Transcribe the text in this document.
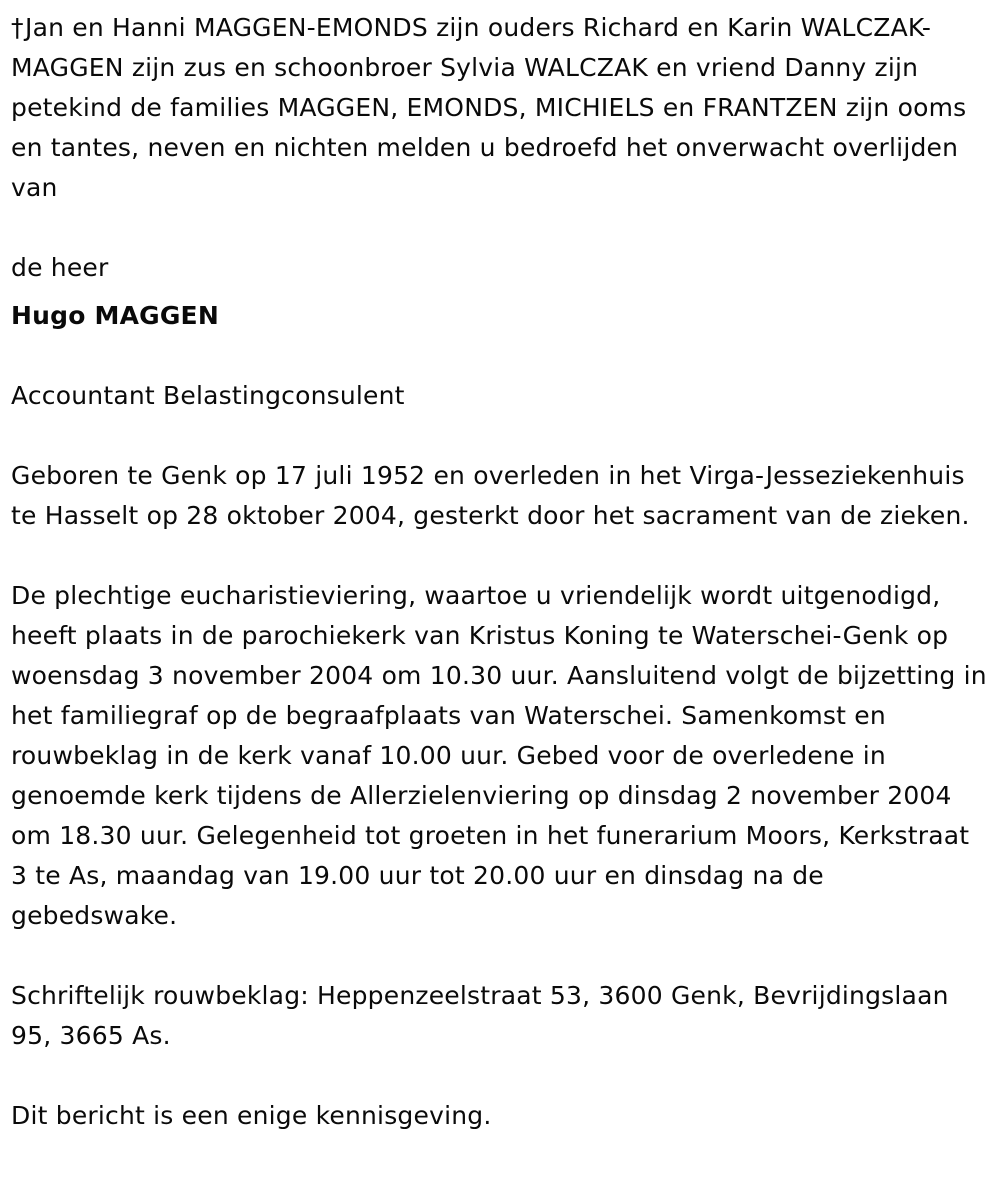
†Jan en Hanni MAGGEN-EMONDS zijn ouders Richard en Karin WALCZAK-MAGGEN zijn zus en schoonbroer Sylvia WALCZAK en vriend Danny zijn petekind de families MAGGEN, EMONDS, MICHIELS en FRANTZEN zijn ooms en tantes, neven en nichten melden u bedroefd het onverwacht overlijden van

de heer
Hugo MAGGEN

Accountant Belastingconsulent

Geboren te Genk op 17 juli 1952 en overleden in het Virga-Jesseziekenhuis te Hasselt op 28 oktober 2004, gesterkt door het sacrament van de zieken.

De plechtige eucharistieviering, waartoe u vriendelijk wordt uitgenodigd, heeft plaats in de parochiekerk van Kristus Koning te Waterschei-Genk op woensdag 3 november 2004 om 10.30 uur. Aansluitend volgt de bijzetting in het familiegraf op de begraafplaats van Waterschei. Samenkomst en rouwbeklag in de kerk vanaf 10.00 uur. Gebed voor de overledene in genoemde kerk tijdens de Allerzielenviering op dinsdag 2 november 2004 om 18.30 uur. Gelegenheid tot groeten in het funerarium Moors, Kerkstraat 3 te As, maandag van 19.00 uur tot 20.00 uur en dinsdag na de gebedswake.

Schriftelijk rouwbeklag: Heppenzeelstraat 53, 3600 Genk, Bevrijdingslaan 95, 3665 As.

Dit bericht is een enige kennisgeving.
